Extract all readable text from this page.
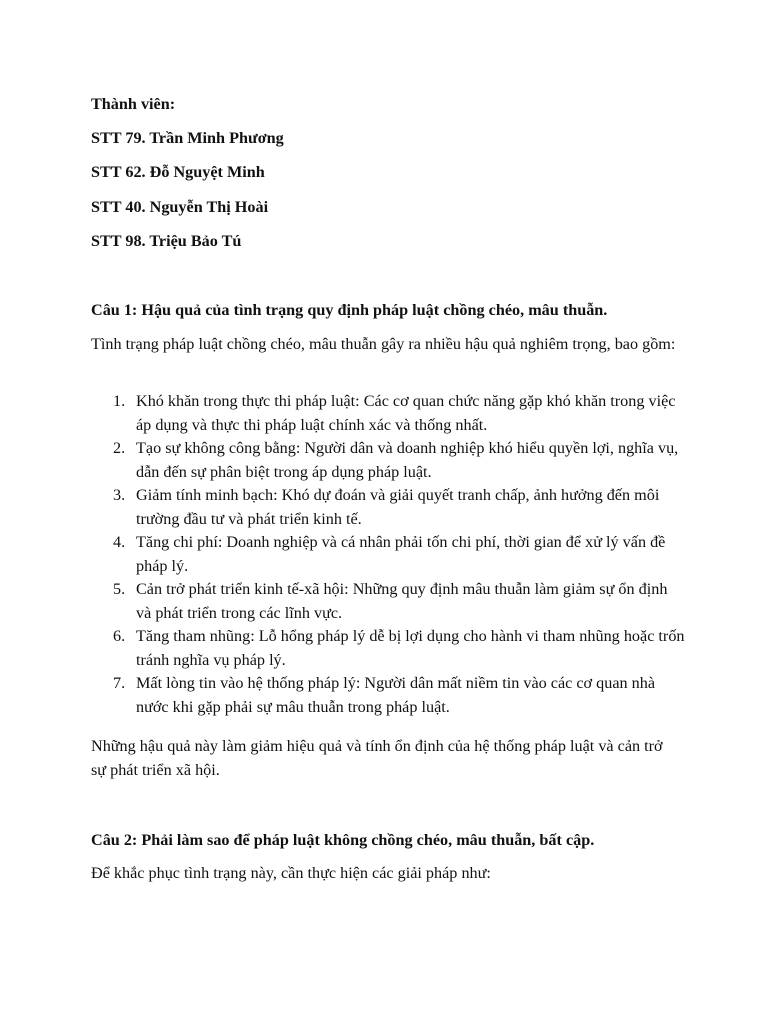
Thành viên:
STT 79. Trần Minh Phương
STT 62. Đỗ Nguyệt Minh
STT 40. Nguyễn Thị Hoài
STT 98. Triệu Bảo Tú
Câu 1: Hậu quả của tình trạng quy định pháp luật chồng chéo, mâu thuẫn.
Tình trạng pháp luật chồng chéo, mâu thuẫn gây ra nhiều hậu quả nghiêm trọng, bao gồm:
1. Khó khăn trong thực thi pháp luật: Các cơ quan chức năng gặp khó khăn trong việc áp dụng và thực thi pháp luật chính xác và thống nhất.
2. Tạo sự không công bằng: Người dân và doanh nghiệp khó hiểu quyền lợi, nghĩa vụ, dẫn đến sự phân biệt trong áp dụng pháp luật.
3. Giảm tính minh bạch: Khó dự đoán và giải quyết tranh chấp, ảnh hưởng đến môi trường đầu tư và phát triển kinh tế.
4. Tăng chi phí: Doanh nghiệp và cá nhân phải tốn chi phí, thời gian để xử lý vấn đề pháp lý.
5. Cản trở phát triển kinh tế-xã hội: Những quy định mâu thuẫn làm giảm sự ổn định và phát triển trong các lĩnh vực.
6. Tăng tham nhũng: Lỗ hổng pháp lý dễ bị lợi dụng cho hành vi tham nhũng hoặc trốn tránh nghĩa vụ pháp lý.
7. Mất lòng tin vào hệ thống pháp lý: Người dân mất niềm tin vào các cơ quan nhà nước khi gặp phải sự mâu thuẫn trong pháp luật.
Những hậu quả này làm giảm hiệu quả và tính ổn định của hệ thống pháp luật và cản trở sự phát triển xã hội.
Câu 2: Phải làm sao để pháp luật không chồng chéo, mâu thuẫn, bất cập.
Để khắc phục tình trạng này, cần thực hiện các giải pháp như:
